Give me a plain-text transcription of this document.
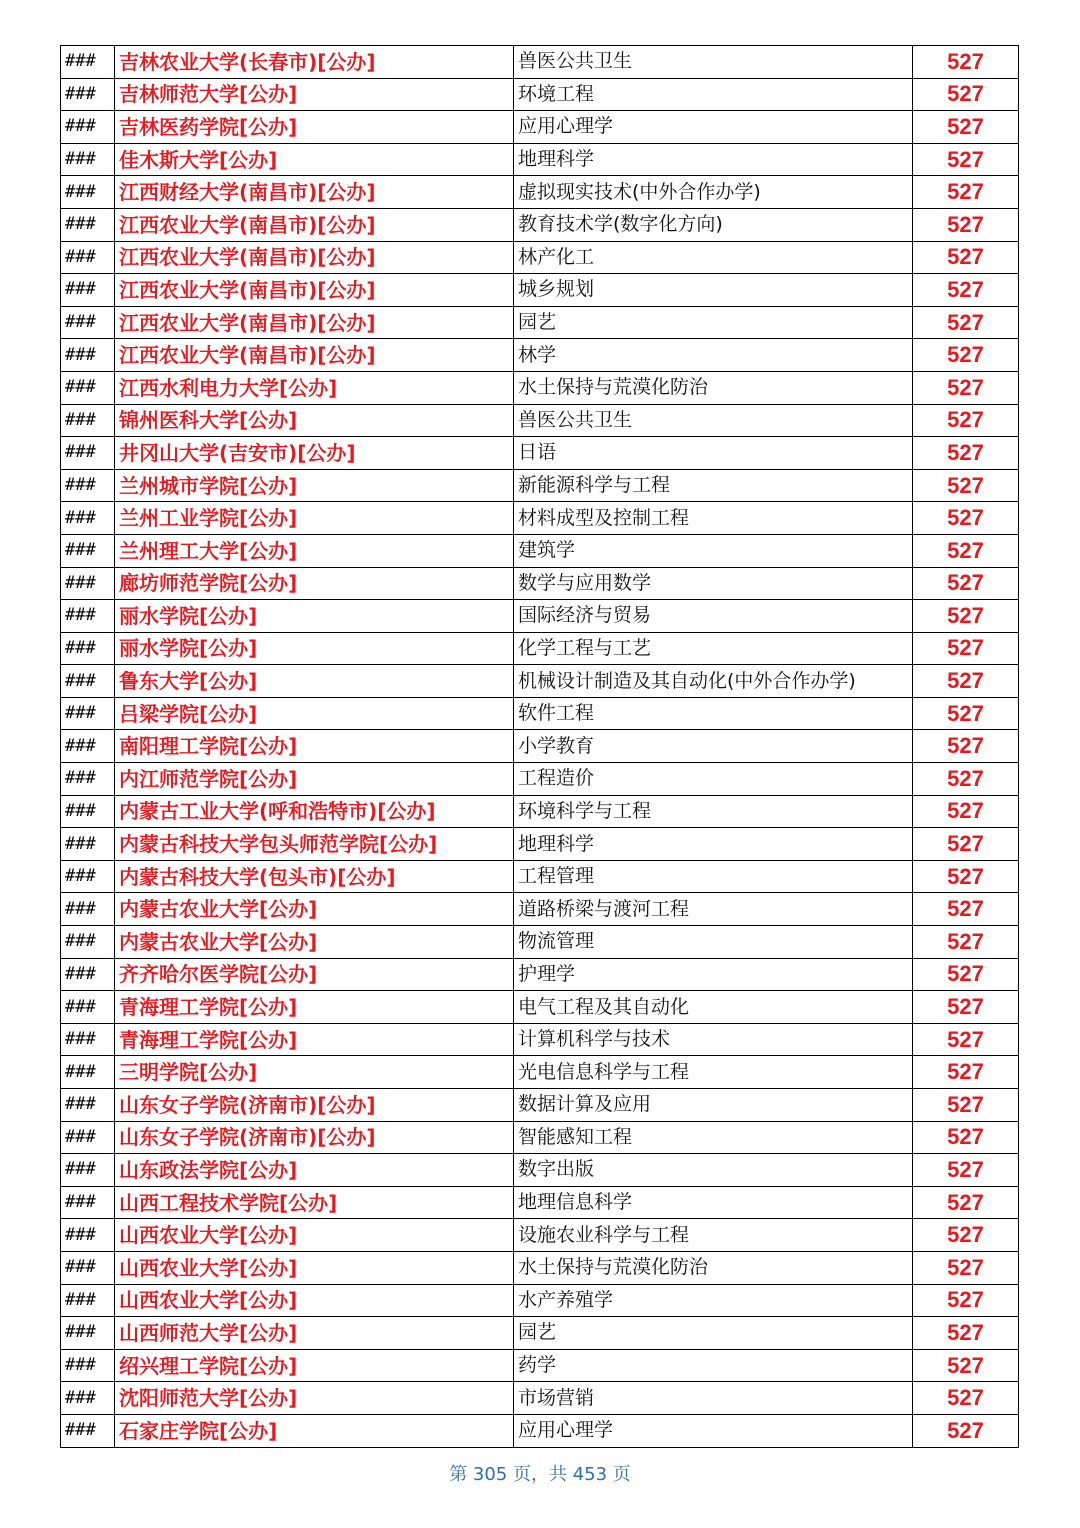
###	吉林农业大学(长春市)[公办]	兽医公共卫生	527
###	吉林师范大学[公办]	环境工程	527
###	吉林医药学院[公办]	应用心理学	527
###	佳木斯大学[公办]	地理科学	527
###	江西财经大学(南昌市)[公办]	虚拟现实技术(中外合作办学)	527
###	江西农业大学(南昌市)[公办]	教育技术学(数字化方向)	527
###	江西农业大学(南昌市)[公办]	林产化工	527
###	江西农业大学(南昌市)[公办]	城乡规划	527
###	江西农业大学(南昌市)[公办]	园艺	527
###	江西农业大学(南昌市)[公办]	林学	527
###	江西水利电力大学[公办]	水土保持与荒漠化防治	527
###	锦州医科大学[公办]	兽医公共卫生	527
###	井冈山大学(吉安市)[公办]	日语	527
###	兰州城市学院[公办]	新能源科学与工程	527
###	兰州工业学院[公办]	材料成型及控制工程	527
###	兰州理工大学[公办]	建筑学	527
###	廊坊师范学院[公办]	数学与应用数学	527
###	丽水学院[公办]	国际经济与贸易	527
###	丽水学院[公办]	化学工程与工艺	527
###	鲁东大学[公办]	机械设计制造及其自动化(中外合作办学)	527
###	吕梁学院[公办]	软件工程	527
###	南阳理工学院[公办]	小学教育	527
###	内江师范学院[公办]	工程造价	527
###	内蒙古工业大学(呼和浩特市)[公办]	环境科学与工程	527
###	内蒙古科技大学包头师范学院[公办]	地理科学	527
###	内蒙古科技大学(包头市)[公办]	工程管理	527
###	内蒙古农业大学[公办]	道路桥梁与渡河工程	527
###	内蒙古农业大学[公办]	物流管理	527
###	齐齐哈尔医学院[公办]	护理学	527
###	青海理工学院[公办]	电气工程及其自动化	527
###	青海理工学院[公办]	计算机科学与技术	527
###	三明学院[公办]	光电信息科学与工程	527
###	山东女子学院(济南市)[公办]	数据计算及应用	527
###	山东女子学院(济南市)[公办]	智能感知工程	527
###	山东政法学院[公办]	数字出版	527
###	山西工程技术学院[公办]	地理信息科学	527
###	山西农业大学[公办]	设施农业科学与工程	527
###	山西农业大学[公办]	水土保持与荒漠化防治	527
###	山西农业大学[公办]	水产养殖学	527
###	山西师范大学[公办]	园艺	527
###	绍兴理工学院[公办]	药学	527
###	沈阳师范大学[公办]	市场营销	527
###	石家庄学院[公办]	应用心理学	527
第 305 页，共 453 页
